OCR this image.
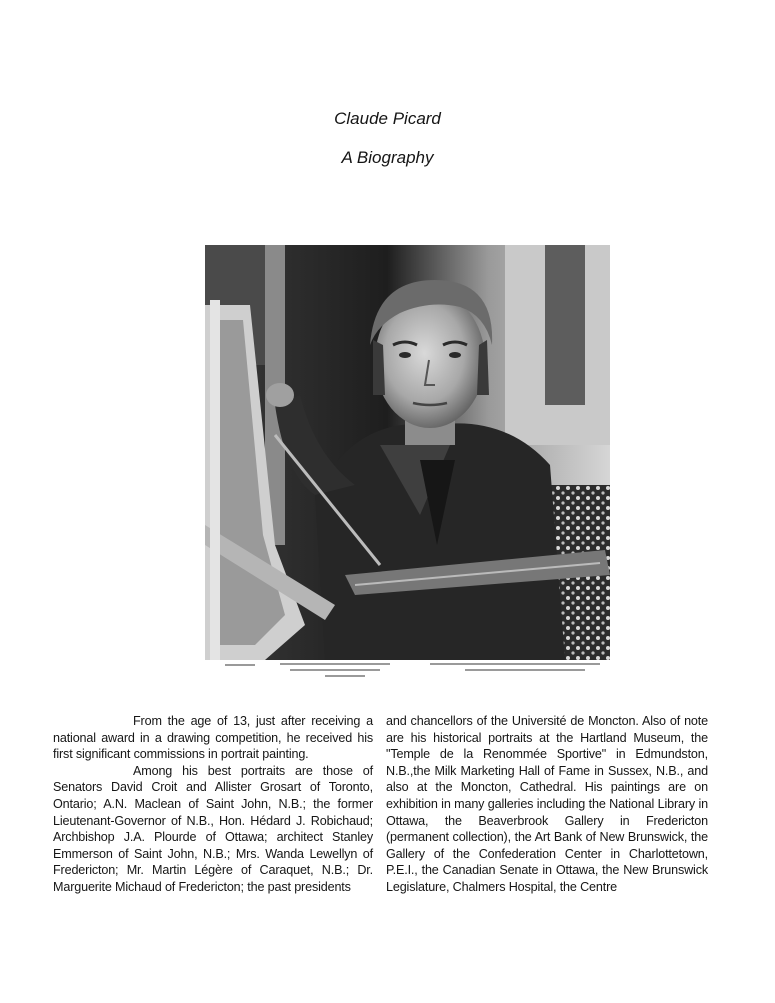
Claude Picard
A Biography

From the age of 13, just after receiving a national award in a drawing competition, he received his first significant commissions in portrait painting.

Among his best portraits are those of Senators David Croit and Allister Grosart of Toronto, Ontario; A.N. Maclean of Saint John, N.B.; the former Lieutenant-Governor of N.B., Hon. Hédard J. Robichaud; Archbishop J.A. Plourde of Ottawa; architect Stanley Emmerson of Saint John, N.B.; Mrs. Wanda Lewellyn of Fredericton; Mr. Martin Légère of Caraquet, N.B.; Dr. Marguerite Michaud of Fredericton; the past presidents

and chancellors of the Université de Moncton. Also of note are his historical portraits at the Hartland Museum, the "Temple de la Renommée Sportive" in Edmundston, N.B.,the Milk Marketing Hall of Fame in Sussex, N.B., and also at the Moncton, Cathedral. His paintings are on exhibition in many galleries including the National Library in Ottawa, the Beaverbrook Gallery in Fredericton (permanent collection), the Art Bank of New Brunswick, the Gallery of the Confederation Center in Charlottetown, P.E.I., the Canadian Senate in Ottawa, the New Brunswick Legislature, Chalmers Hospital, the Centre
